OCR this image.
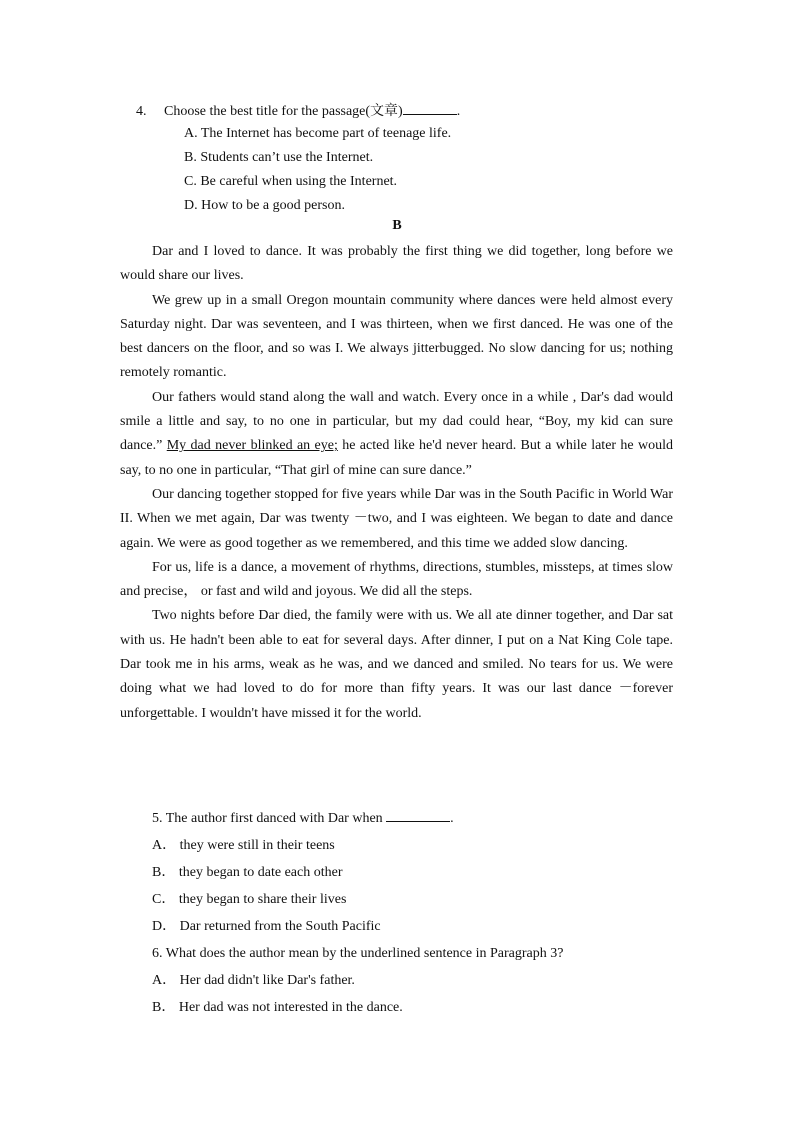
4. Choose the best title for the passage(文章)	.
A. The Internet has become part of teenage life.
B. Students can’t use the Internet.
C. Be careful when using the Internet.
D. How to be a good person.
B

Dar and I loved to dance. It was probably the first thing we did together, long before we would share our lives.

We grew up in a small Oregon mountain community where dances were held almost every Saturday night. Dar was seventeen, and I was thirteen, when we first danced. He was one of the best dancers on the floor, and so was I. We always jitterbugged. No slow dancing for us; nothing remotely romantic.

Our fathers would stand along the wall and watch. Every once in a while , Dar's dad would smile a little and say, to no one in particular, but my dad could hear, “Boy, my kid can sure dance.” My dad never blinked an eye; he acted like he'd never heard. But a while later he would say, to no one in particular, “That girl of mine can sure dance.”

Our dancing together stopped for five years while Dar was in the South Pacific in World War II. When we met again, Dar was twenty －two, and I was eighteen. We began to date and dance again. We were as good together as we remembered, and this time we added slow dancing.

For us, life is a dance, a movement of rhythms, directions, stumbles, missteps, at times slow and precise， or fast and wild and joyous. We did all the steps.

Two nights before Dar died, the family were with us. We all ate dinner together, and Dar sat with us. He hadn't been able to eat for several days. After dinner, I put on a Nat King Cole tape. Dar took me in his arms, weak as he was, and we danced and smiled. No tears for us. We were doing what we had loved to do for more than fifty years. It was our last dance －forever unforgettable. I wouldn't have missed it for the world.

5. The author first danced with Dar when	.
A． they were still in their teens
B． they began to date each other
C． they began to share their lives
D． Dar returned from the South Pacific
6. What does the author mean by the underlined sentence in Paragraph 3?
A． Her dad didn't like Dar's father.
B． Her dad was not interested in the dance.
